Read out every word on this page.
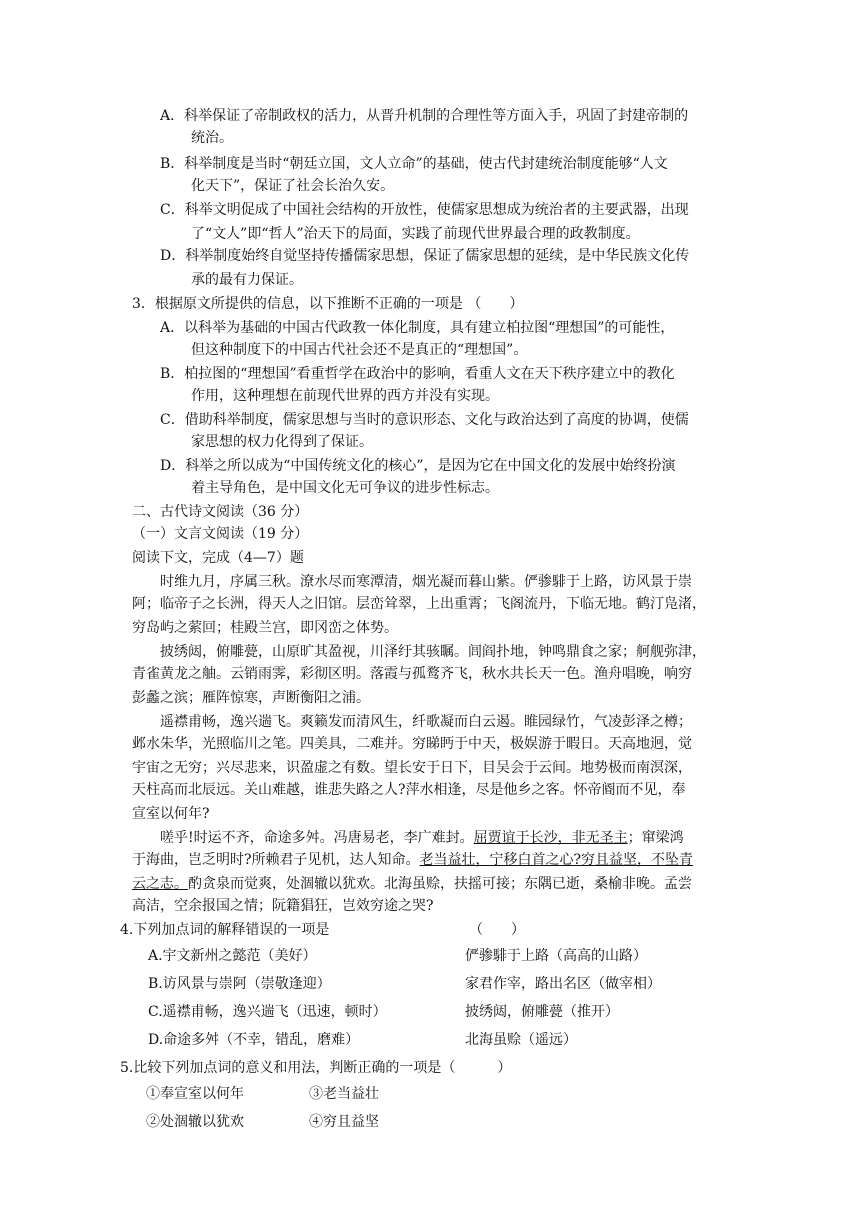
A．科举保证了帝制政权的活力，从晋升机制的合理性等方面入手，巩固了封建帝制的
统治。
B．科举制度是当时“朝廷立国，文人立命”的基础，使古代封建统治制度能够“人文
化天下”，保证了社会长治久安。
C．科举文明促成了中国社会结构的开放性，使儒家思想成为统治者的主要武器，出现
了“文人”即“哲人”治天下的局面，实践了前现代世界最合理的政教制度。
D．科举制度始终自觉坚持传播儒家思想，保证了儒家思想的延续，是中华民族文化传
承的最有力保证。
3．根据原文所提供的信息，以下推断不正确的一项是 （　　）
A．以科举为基础的中国古代政教一体化制度，具有建立柏拉图“理想国”的可能性，
但这种制度下的中国古代社会还不是真正的“理想国”。
B．柏拉图的“理想国”看重哲学在政治中的影响，看重人文在天下秩序建立中的教化
作用，这种理想在前现代世界的西方并没有实现。
C．借助科举制度，儒家思想与当时的意识形态、文化与政治达到了高度的协调，使儒
家思想的权力化得到了保证。
D．科举之所以成为“中国传统文化的核心”，是因为它在中国文化的发展中始终扮演
着主导角色，是中国文化无可争议的进步性标志。
二、古代诗文阅读（36 分）
（一）文言文阅读（19 分）
阅读下文，完成（4—7）题
时维九月，序属三秋。潦水尽而寒潭清，烟光凝而暮山紫。俨骖騑于上路，访风景于崇
阿；临帝子之长洲，得天人之旧馆。层峦耸翠，上出重霄；飞阁流丹，下临无地。鹤汀凫渚，
穷岛屿之萦回；桂殿兰宫，即冈峦之体势。
披绣闼，俯雕甍，山原旷其盈视，川泽纡其骇瞩。闾阎扑地，钟鸣鼎食之家；舸舰弥津，
青雀黄龙之舳。云销雨霁，彩彻区明。落霞与孤鹜齐飞，秋水共长天一色。渔舟唱晚，响穷
彭蠡之滨；雁阵惊寒，声断衡阳之浦。
遥襟甫畅，逸兴遄飞。爽籁发而清风生，纤歌凝而白云遏。睢园绿竹，气凌彭泽之樽；
邺水朱华，光照临川之笔。四美具，二难并。穷睇眄于中天，极娱游于暇日。天高地迥，觉
宇宙之无穷；兴尽悲来，识盈虚之有数。望长安于日下，目吴会于云间。地势极而南溟深，
天柱高而北辰远。关山难越，谁悲失路之人?萍水相逢，尽是他乡之客。怀帝阍而不见，奉
宣室以何年?
嗟乎!时运不齐，命途多舛。冯唐易老，李广难封。屈贾谊于长沙，非无圣主；窜梁鸿
于海曲，岂乏明时?所赖君子见机，达人知命。老当益壮，宁移白首之心?穷且益坚，不坠青
云之志。酌贪泉而觉爽，处涸辙以犹欢。北海虽赊，扶摇可接；东隅已逝，桑榆非晚。孟尝
高洁，空余报国之情；阮籍猖狂，岂效穷途之哭?
4.下列加点词的解释错误的一项是	（　　）
A.宇文新州之懿范（美好）	俨骖騑于上路（高高的山路）
B.访风景与崇阿（崇敬逢迎）	家君作宰，路出名区（做宰相）
C.遥襟甫畅，逸兴遄飞（迅速，顿时）	披绣闼，俯雕甍（推开）
D.命途多舛（不幸，错乱，磨难）	北海虽赊（遥远）
5.比较下列加点词的意义和用法，判断正确的一项是（　　　）
①奉宣室以何年	③老当益壮
②处涸辙以犹欢	④穷且益坚
